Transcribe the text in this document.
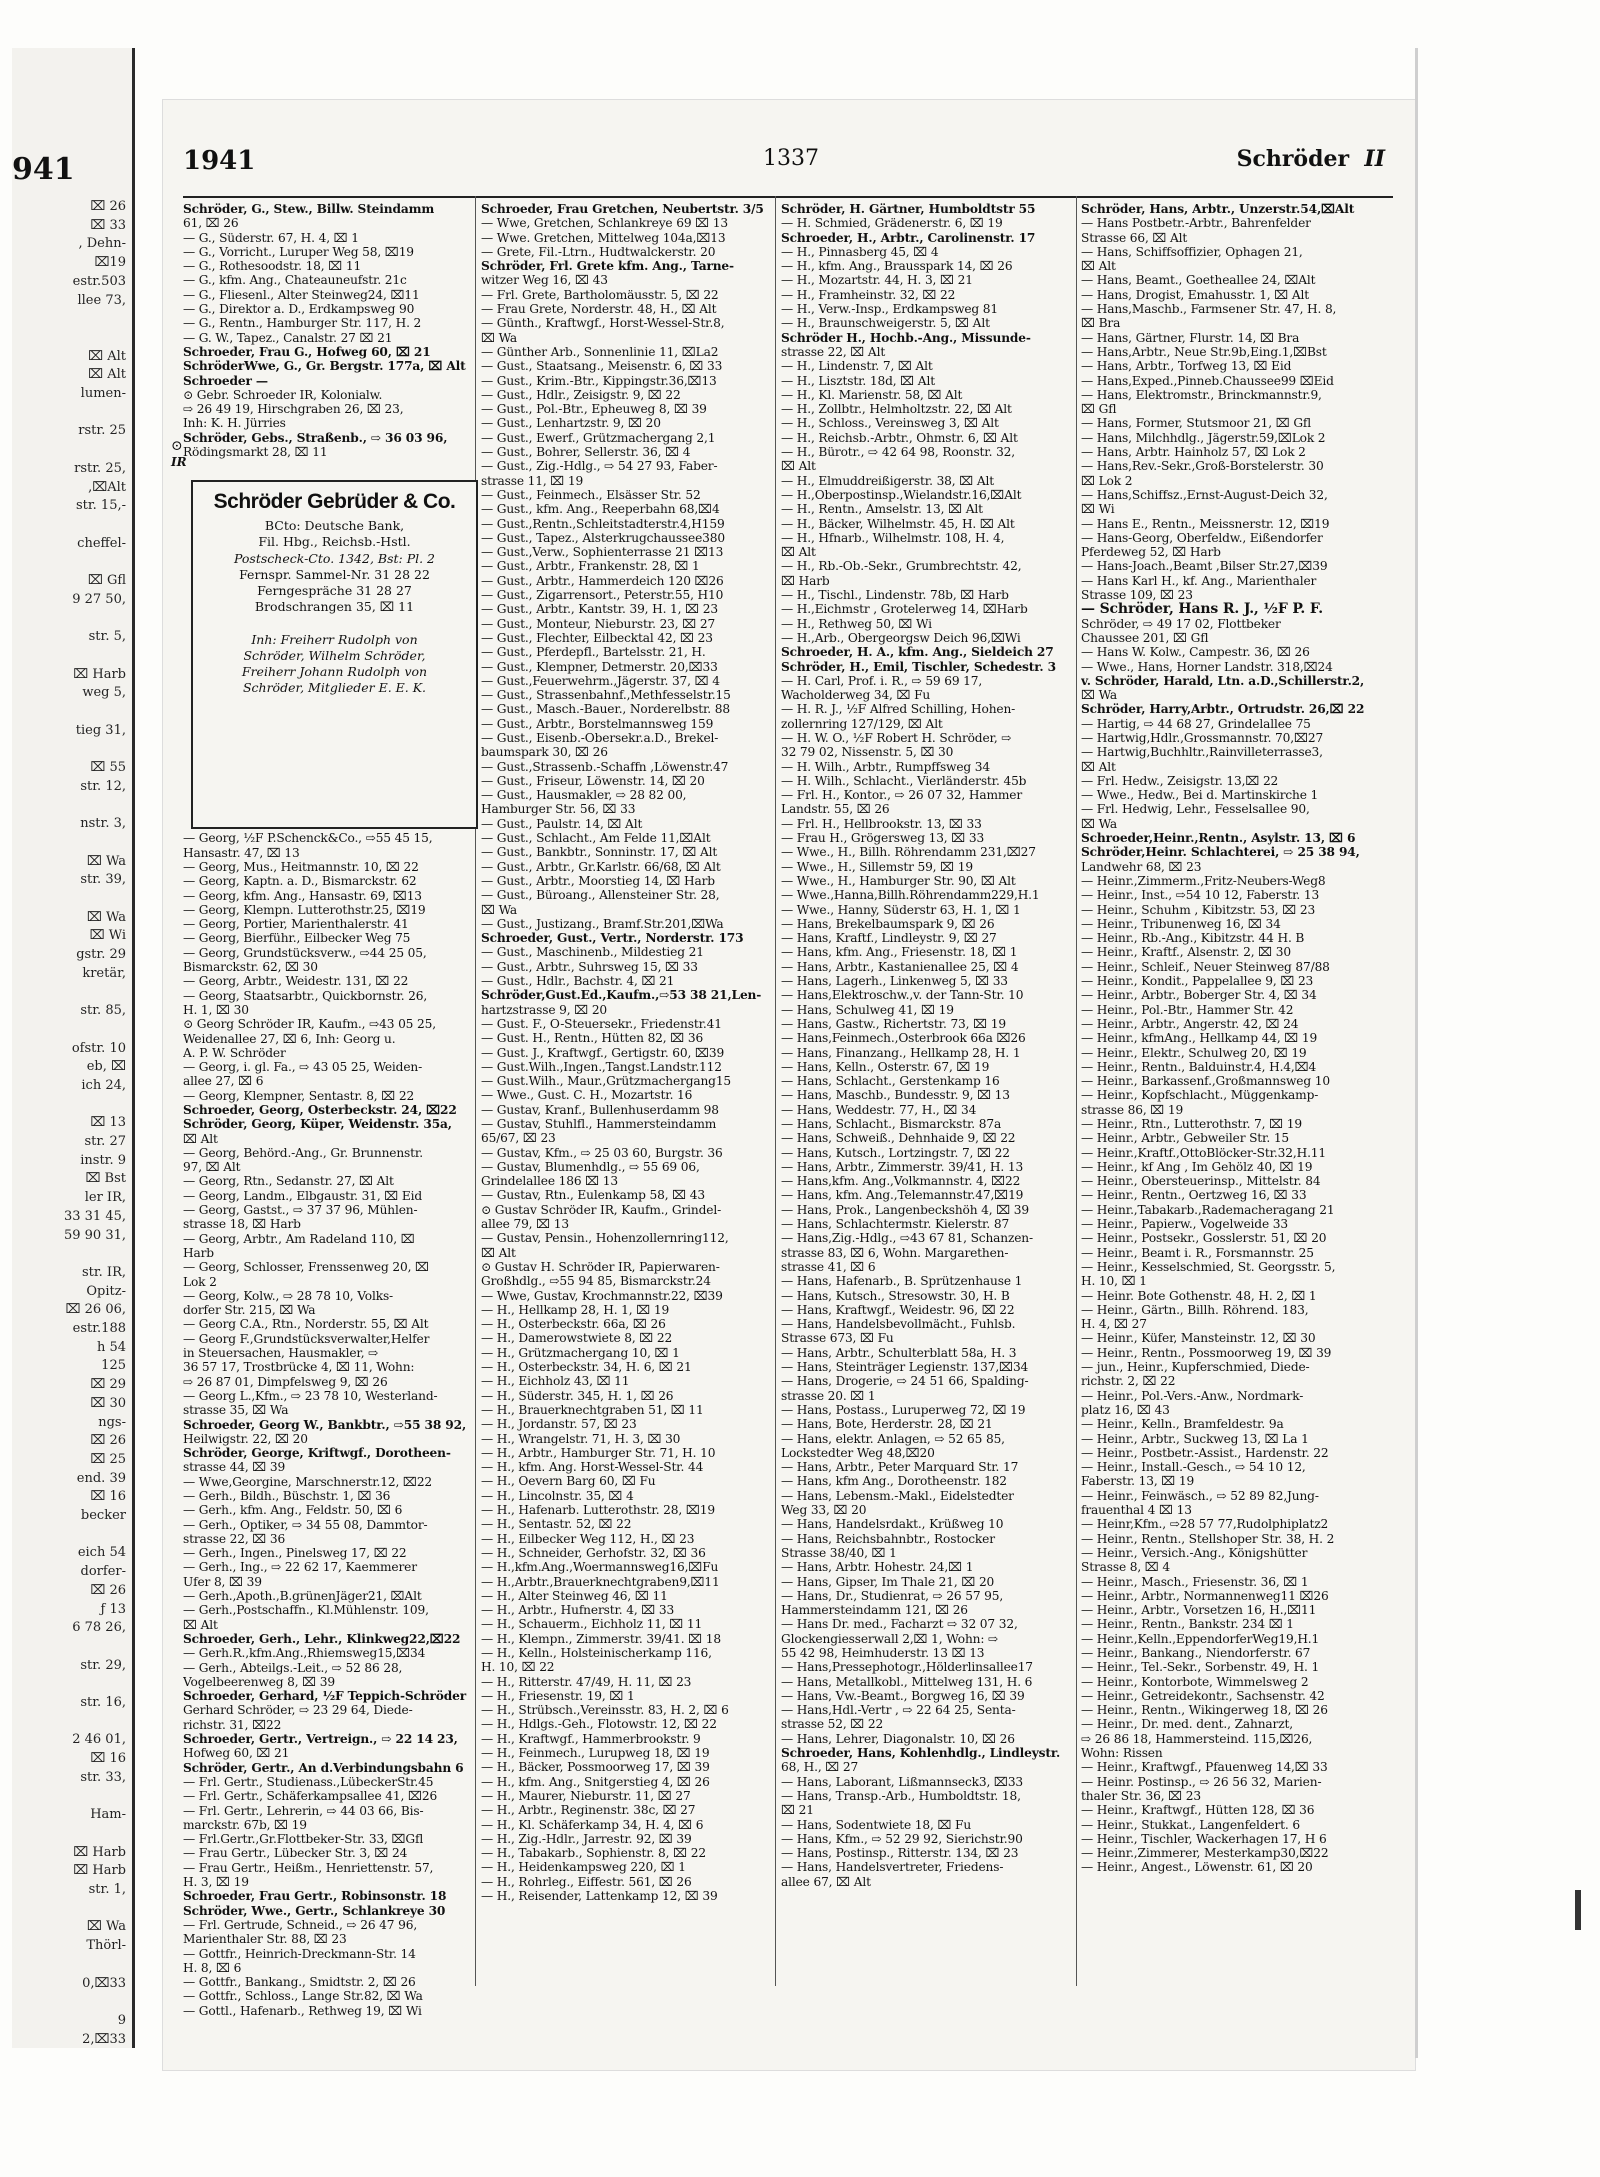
941
⌧ 26
⌧ 33
, Dehn-
⌧19
estr.503
llee 73,
⌧ Alt
⌧ Alt
lumen-
rstr. 25
rstr. 25,
,⌧Alt
str. 15,-
cheffel-
⌧ Gfl
9 27 50,
str. 5,
⌧ Harb
weg 5,
tieg 31,
⌧ 55
str. 12,
nstr. 3,
⌧ Wa
str. 39,
⌧ Wa
⌧ Wi
gstr. 29
kretär,
str. 85,
ofstr. 10
eb, ⌧
ich 24,
⌧ 13
str. 27
instr. 9
⌧ Bst
ler IR,
33 31 45,
59 90 31,
str. IR,
Opitz-
⌧ 26 06,
estr.188
h 54
125
⌧ 29
⌧ 30
ngs-
⌧ 26
⌧ 25
end. 39
⌧ 16
becker
eich 54
dorfer-
⌧ 26
ƒ 13
6 78 26,
str. 29,
str. 16,
2 46 01,
⌧ 16
str. 33,
Ham-
⌧ Harb
⌧ Harb
str. 1,
⌧ Wa
Thörl-
0,⌧33
9
2,⌧33
1941	1337	Schröder II
Schröder, G., Stew., Billw. Steindamm
61, ⌧ 26
— G., Süderstr. 67, H. 4, ⌧ 1
— G., Vorricht., Luruper Weg 58, ⌧19
— G., Rothesoodstr. 18, ⌧ 11
— G., kfm. Ang., Chateauneufstr. 21c
— G., Fliesenl., Alter Steinweg24, ⌧11
— G., Direktor a. D., Erdkampsweg 90
— G., Rentn., Hamburger Str. 117, H. 2
— G. W., Tapez., Canalstr. 27 ⌧ 21
Schroeder, Frau G., Hofweg 60, ⌧ 21
SchröderWwe, G., Gr. Bergstr. 177a, ⌧ Alt
Schroeder —
⊙ Gebr. Schroeder IR, Kolonialw.
⇨ 26 49 19, Hirschgraben 26, ⌧ 23,
Inh: K. H. Jürries
Schröder, Gebs., Straßenb., ⇨ 36 03 96,
Rödingsmarkt 28, ⌧ 11
— Georg, ½F P.Schenck&Co., ⇨55 45 15,
Hansastr. 47, ⌧ 13
— Georg, Mus., Heitmannstr. 10, ⌧ 22
— Georg, Kaptn. a. D., Bismarckstr. 62
— Georg, kfm. Ang., Hansastr. 69, ⌧13
— Georg, Klempn. Lutterothstr.25, ⌧19
— Georg, Portier, Marienthalerstr. 41
— Georg, Bierführ., Eilbecker Weg 75
— Georg, Grundstücksverw., ⇨44 25 05,
Bismarckstr. 62, ⌧ 30
— Georg, Arbtr., Weidestr. 131, ⌧ 22
— Georg, Staatsarbtr., Quickbornstr. 26,
H. 1, ⌧ 30
⊙ Georg Schröder IR, Kaufm., ⇨43 05 25,
Weidenallee 27, ⌧ 6, Inh: Georg u.
A. P. W. Schröder
— Georg, i. gl. Fa., ⇨ 43 05 25, Weiden-
allee 27, ⌧ 6
— Georg, Klempner, Sentastr. 8, ⌧ 22
Schroeder, Georg, Osterbeckstr. 24, ⌧22
Schröder, Georg, Küper, Weidenstr. 35a,
⌧ Alt
— Georg, Behörd.-Ang., Gr. Brunnenstr.
97, ⌧ Alt
— Georg, Rtn., Sedanstr. 27, ⌧ Alt
— Georg, Landm., Elbgaustr. 31, ⌧ Eid
— Georg, Gastst., ⇨ 37 37 96, Mühlen-
strasse 18, ⌧ Harb
— Georg, Arbtr., Am Radeland 110, ⌧
Harb
— Georg, Schlosser, Frenssenweg 20, ⌧
Lok 2
— Georg, Kolw., ⇨ 28 78 10, Volks-
dorfer Str. 215, ⌧ Wa
— Georg C.A., Rtn., Norderstr. 55, ⌧ Alt
— Georg F.,Grundstücksverwalter,Helfer
in Steuersachen, Hausmakler, ⇨
36 57 17, Trostbrücke 4, ⌧ 11, Wohn:
⇨ 26 87 01, Dimpfelsweg 9, ⌧ 26
— Georg L.,Kfm., ⇨ 23 78 10, Westerland-
strasse 35, ⌧ Wa
Schroeder, Georg W., Bankbtr., ⇨55 38 92,
Heilwigstr. 22, ⌧ 20
Schröder, George, Kriftwgf., Dorotheen-
strasse 44, ⌧ 39
— Wwe,Georgine, Marschnerstr.12, ⌧22
— Gerh., Bildh., Büschstr. 1, ⌧ 36
— Gerh., kfm. Ang., Feldstr. 50, ⌧ 6
— Gerh., Optiker, ⇨ 34 55 08, Dammtor-
strasse 22, ⌧ 36
— Gerh., Ingen., Pinelsweg 17, ⌧ 22
— Gerh., Ing., ⇨ 22 62 17, Kaemmerer
Ufer 8, ⌧ 39
— Gerh.,Apoth.,B.grünenJäger21, ⌧Alt
— Gerh.,Postschaffn., Kl.Mühlenstr. 109,
⌧ Alt
Schroeder, Gerh., Lehr., Klinkweg22,⌧22
— Gerh.R.,kfm.Ang.,Rhiemsweg15,⌧34
— Gerh., Abteilgs.-Leit., ⇨ 52 86 28,
Vogelbeerenweg 8, ⌧ 39
Schroeder, Gerhard, ½F Teppich-Schröder
Gerhard Schröder, ⇨ 23 29 64, Diede-
richstr. 31, ⌧22
Schroeder, Gertr., Vertreign., ⇨ 22 14 23,
Hofweg 60, ⌧ 21
Schröder, Gertr., An d.Verbindungsbahn 6
— Frl. Gertr., Studienass.,LübeckerStr.45
— Frl. Gertr., Schäferkampsallee 41, ⌧26
— Frl. Gertr., Lehrerin, ⇨ 44 03 66, Bis-
marckstr. 67b, ⌧ 19
— Frl.Gertr.,Gr.Flottbeker-Str. 33, ⌧Gfl
— Frau Gertr., Lübecker Str. 3, ⌧ 24
— Frau Gertr., Heißm., Henriettenstr. 57,
H. 3, ⌧ 19
Schroeder, Frau Gertr., Robinsonstr. 18
Schröder, Wwe., Gertr., Schlankreye 30
— Frl. Gertrude, Schneid., ⇨ 26 47 96,
Marienthaler Str. 88, ⌧ 23
— Gottfr., Heinrich-Dreckmann-Str. 14
H. 8, ⌧ 6
— Gottfr., Bankang., Smidtstr. 2, ⌧ 26
— Gottfr., Schloss., Lange Str.82, ⌧ Wa
— Gottl., Hafenarb., Rethweg 19, ⌧ Wi
Schroeder, Frau Gretchen, Neubertstr. 3/5
— Wwe, Gretchen, Schlankreye 69 ⌧ 13
— Wwe. Gretchen, Mittelweg 104a,⌧13
— Grete, Fil.-Ltrn., Hudtwalckerstr. 20
Schröder, Frl. Grete kfm. Ang., Tarne-
witzer Weg 16, ⌧ 43
— Frl. Grete, Bartholomäusstr. 5, ⌧ 22
— Frau Grete, Norderstr. 48, H., ⌧ Alt
— Günth., Kraftwgf., Horst-Wessel-Str.8,
⌧ Wa
— Günther Arb., Sonnenlinie 11, ⌧La2
— Gust., Staatsang., Meisenstr. 6, ⌧ 33
— Gust., Krim.-Btr., Kippingstr.36,⌧13
— Gust., Hdlr., Zeisigstr. 9, ⌧ 22
— Gust., Pol.-Btr., Epheuweg 8, ⌧ 39
— Gust., Lenhartzstr. 9, ⌧ 20
— Gust., Ewerf., Grützmachergang 2,1
— Gust., Bohrer, Sellerstr. 36, ⌧ 4
— Gust., Zig.-Hdlg., ⇨ 54 27 93, Faber-
strasse 11, ⌧ 19
— Gust., Feinmech., Elsässer Str. 52
— Gust., kfm. Ang., Reeperbahn 68,⌧4
— Gust.,Rentn.,Schleitstadterstr.4,H159
— Gust., Tapez., Alsterkrugchaussee380
— Gust.,Verw., Sophienterrasse 21 ⌧13
— Gust., Arbtr., Frankenstr. 28, ⌧ 1
— Gust., Arbtr., Hammerdeich 120 ⌧26
— Gust., Zigarrensort., Peterstr.55, H10
— Gust., Arbtr., Kantstr. 39, H. 1, ⌧ 23
— Gust., Monteur, Nieburstr. 23, ⌧ 27
— Gust., Flechter, Eilbecktal 42, ⌧ 23
— Gust., Pferdepfl., Bartelsstr. 21, H.
— Gust., Klempner, Detmerstr. 20,⌧33
— Gust.,Feuerwehrm.,Jägerstr. 37, ⌧ 4
— Gust., Strassenbahnf.,Methfesselstr.15
— Gust., Masch.-Bauer., Norderelbstr. 88
— Gust., Arbtr., Borstelmannsweg 159
— Gust., Eisenb.-Obersekr.a.D., Brekel-
baumspark 30, ⌧ 26
— Gust.,Strassenb.-Schaffn ,Löwenstr.47
— Gust., Friseur, Löwenstr. 14, ⌧ 20
— Gust., Hausmakler, ⇨ 28 82 00,
Hamburger Str. 56, ⌧ 33
— Gust., Paulstr. 14, ⌧ Alt
— Gust., Schlacht., Am Felde 11,⌧Alt
— Gust., Bankbtr., Sonninstr. 17, ⌧ Alt
— Gust., Arbtr., Gr.Karlstr. 66/68, ⌧ Alt
— Gust., Arbtr., Moorstieg 14, ⌧ Harb
— Gust., Büroang., Allensteiner Str. 28,
⌧ Wa
— Gust., Justizang., Bramf.Str.201,⌧Wa
Schroeder, Gust., Vertr., Norderstr. 173
— Gust., Maschinenb., Mildestieg 21
— Gust., Arbtr., Suhrsweg 15, ⌧ 33
— Gust., Hdlr., Bachstr. 4, ⌧ 21
Schröder,Gust.Ed.,Kaufm.,⇨53 38 21,Len-
hartzstrasse 9, ⌧ 20
— Gust. F., O-Steuersekr., Friedenstr.41
— Gust. H., Rentn., Hütten 82, ⌧ 36
— Gust. J., Kraftwgf., Gertigstr. 60, ⌧39
— Gust.Wilh.,Ingen.,Tangst.Landstr.112
— Gust.Wilh., Maur.,Grützmachergang15
— Wwe., Gust. C. H., Mozartstr. 16
— Gustav, Kranf., Bullenhuserdamm 98
— Gustav, Stuhlfl., Hammersteindamm
65/67, ⌧ 23
— Gustav, Kfm., ⇨ 25 03 60, Burgstr. 36
— Gustav, Blumenhdlg., ⇨ 55 69 06,
Grindelallee 186 ⌧ 13
— Gustav, Rtn., Eulenkamp 58, ⌧ 43
⊙ Gustav Schröder IR, Kaufm., Grindel-
allee 79, ⌧ 13
— Gustav, Pensin., Hohenzollernring112,
⌧ Alt
⊙ Gustav H. Schröder IR, Papierwaren-
Großhdlg., ⇨55 94 85, Bismarckstr.24
— Wwe, Gustav, Krochmannstr.22, ⌧39
— H., Hellkamp 28, H. 1, ⌧ 19
— H., Osterbeckstr. 66a, ⌧ 26
— H., Damerowstwiete 8, ⌧ 22
— H., Grützmachergang 10, ⌧ 1
— H., Osterbeckstr. 34, H. 6, ⌧ 21
— H., Eichholz 43, ⌧ 11
— H., Süderstr. 345, H. 1, ⌧ 26
— H., Brauerknechtgraben 51, ⌧ 11
— H., Jordanstr. 57, ⌧ 23
— H., Wrangelstr. 71, H. 3, ⌧ 30
— H., Arbtr., Hamburger Str. 71, H. 10
— H., kfm. Ang. Horst-Wessel-Str. 44
— H., Oevern Barg 60, ⌧ Fu
— H., Lincolnstr. 35, ⌧ 4
— H., Hafenarb. Lutterothstr. 28, ⌧19
— H., Sentastr. 52, ⌧ 22
— H., Eilbecker Weg 112, H., ⌧ 23
— H., Schneider, Gerhofstr. 32, ⌧ 36
— H.,kfm.Ang.,Woermannsweg16,⌧Fu
— H.,Arbtr.,Brauerknechtgraben9,⌧11
— H., Alter Steinweg 46, ⌧ 11
— H., Arbtr., Hufnerstr. 4, ⌧ 33
— H., Schauerm., Eichholz 11, ⌧ 11
— H., Klempn., Zimmerstr. 39/41. ⌧ 18
— H., Kelln., Holsteinischerkamp 116,
H. 10, ⌧ 22
— H., Ritterstr. 47/49, H. 11, ⌧ 23
— H., Friesenstr. 19, ⌧ 1
— H., Strübsch.,Vereinsstr. 83, H. 2, ⌧ 6
— H., Hdlgs.-Geh., Flotowstr. 12, ⌧ 22
— H., Kraftwgf., Hammerbrookstr. 9
— H., Feinmech., Lurupweg 18, ⌧ 19
— H., Bäcker, Possmoorweg 17, ⌧ 39
— H., kfm. Ang., Snitgerstieg 4, ⌧ 26
— H., Maurer, Nieburstr. 11, ⌧ 27
— H., Arbtr., Reginenstr. 38c, ⌧ 27
— H., Kl. Schäferkamp 34, H. 4, ⌧ 6
— H., Zig.-Hdlr., Jarrestr. 92, ⌧ 39
— H., Tabakarb., Sophienstr. 8, ⌧ 22
— H., Heidenkampsweg 220, ⌧ 1
— H., Rohrleg., Eiffestr. 561, ⌧ 26
— H., Reisender, Lattenkamp 12, ⌧ 39
Schröder, H. Gärtner, Humboldtstr 55
— H. Schmied, Grädenerstr. 6, ⌧ 19
Schroeder, H., Arbtr., Carolinenstr. 17
— H., Pinnasberg 45, ⌧ 4
— H., kfm. Ang., Brausspark 14, ⌧ 26
— H., Mozartstr. 44, H. 3, ⌧ 21
— H., Framheinstr. 32, ⌧ 22
— H., Verw.-Insp., Erdkampsweg 81
— H., Braunschweigerstr. 5, ⌧ Alt
Schröder H., Hochb.-Ang., Missunde-
strasse 22, ⌧ Alt
— H., Lindenstr. 7, ⌧ Alt
— H., Lisztstr. 18d, ⌧ Alt
— H., Kl. Marienstr. 58, ⌧ Alt
— H., Zollbtr., Helmholtzstr. 22, ⌧ Alt
— H., Schloss., Vereinsweg 3, ⌧ Alt
— H., Reichsb.-Arbtr., Ohmstr. 6, ⌧ Alt
— H., Bürotr., ⇨ 42 64 98, Roonstr. 32,
⌧ Alt
— H., Elmuddreißigerstr. 38, ⌧ Alt
— H.,Oberpostinsp.,Wielandstr.16,⌧Alt
— H., Rentn., Amselstr. 13, ⌧ Alt
— H., Bäcker, Wilhelmstr. 45, H. ⌧ Alt
— H., Hfnarb., Wilhelmstr. 108, H. 4,
⌧ Alt
— H., Rb.-Ob.-Sekr., Grumbrechtstr. 42,
⌧ Harb
— H., Tischl., Lindenstr. 78b, ⌧ Harb
— H.,Eichmstr , Grotelerweg 14, ⌧Harb
— H., Rethweg 50, ⌧ Wi
— H.,Arb., Obergeorgsw Deich 96,⌧Wi
Schroeder, H. A., kfm. Ang., Sieldeich 27
Schröder, H., Emil, Tischler, Schedestr. 3
— H. Carl, Prof. i. R., ⇨ 59 69 17,
Wacholderweg 34, ⌧ Fu
— H. R. J., ½F Alfred Schilling, Hohen-
zollernring 127/129, ⌧ Alt
— H. W. O., ½F Robert H. Schröder, ⇨
32 79 02, Nissenstr. 5, ⌧ 30
— H. Wilh., Arbtr., Rumpffsweg 34
— H. Wilh., Schlacht., Vierländerstr. 45b
— Frl. H., Kontor., ⇨ 26 07 32, Hammer
Landstr. 55, ⌧ 26
— Frl. H., Hellbrookstr. 13, ⌧ 33
— Frau H., Grögersweg 13, ⌧ 33
— Wwe., H., Billh. Röhrendamm 231,⌧27
— Wwe., H., Sillemstr 59, ⌧ 19
— Wwe., H., Hamburger Str. 90, ⌧ Alt
— Wwe.,Hanna,Billh.Röhrendamm229,H.1
— Wwe., Hanny, Süderstr 63, H. 1, ⌧ 1
— Hans, Brekelbaumspark 9, ⌧ 26
— Hans, Kraftf., Lindleystr. 9, ⌧ 27
— Hans, kfm. Ang., Friesenstr. 18, ⌧ 1
— Hans, Arbtr., Kastanienallee 25, ⌧ 4
— Hans, Lagerh., Linkenweg 5, ⌧ 33
— Hans,Elektroschw.,v. der Tann-Str. 10
— Hans, Schulweg 41, ⌧ 19
— Hans, Gastw., Richertstr. 73, ⌧ 19
— Hans,Feinmech.,Osterbrook 66a ⌧26
— Hans, Finanzang., Hellkamp 28, H. 1
— Hans, Kelln., Osterstr. 67, ⌧ 19
— Hans, Schlacht., Gerstenkamp 16
— Hans, Maschb., Bundesstr. 9, ⌧ 13
— Hans, Weddestr. 77, H., ⌧ 34
— Hans, Schlacht., Bismarckstr. 87a
— Hans, Schweiß., Dehnhaide 9, ⌧ 22
— Hans, Kutsch., Lortzingstr. 7, ⌧ 22
— Hans, Arbtr., Zimmerstr. 39/41, H. 13
— Hans,kfm. Ang.,Volkmannstr. 4, ⌧22
— Hans, kfm. Ang.,Telemannstr.47,⌧19
— Hans, Prok., Langenbeckshöh 4, ⌧ 39
— Hans, Schlachtermstr. Kielerstr. 87
— Hans,Zig.-Hdlg., ⇨43 67 81, Schanzen-
strasse 83, ⌧ 6, Wohn. Margarethen-
strasse 41, ⌧ 6
— Hans, Hafenarb., B. Sprützenhause 1
— Hans, Kutsch., Stresowstr. 30, H. B
— Hans, Kraftwgf., Weidestr. 96, ⌧ 22
— Hans, Handelsbevollmächt., Fuhlsb.
Strasse 673, ⌧ Fu
— Hans, Arbtr., Schulterblatt 58a, H. 3
— Hans, Steinträger Legienstr. 137,⌧34
— Hans, Drogerie, ⇨ 24 51 66, Spalding-
strasse 20. ⌧ 1
— Hans, Postass., Luruperweg 72, ⌧ 19
— Hans, Bote, Herderstr. 28, ⌧ 21
— Hans, elektr. Anlagen, ⇨ 52 65 85,
Lockstedter Weg 48,⌧20
— Hans, Arbtr., Peter Marquard Str. 17
— Hans, kfm Ang., Dorotheenstr. 182
— Hans, Lebensm.-Makl., Eidelstedter
Weg 33, ⌧ 20
— Hans, Handelsrdakt., Krüßweg 10
— Hans, Reichsbahnbtr., Rostocker
Strasse 38/40, ⌧ 1
— Hans, Arbtr. Hohestr. 24,⌧ 1
— Hans, Gipser, Im Thale 21, ⌧ 20
— Hans, Dr., Studienrat, ⇨ 26 57 95,
Hammersteindamm 121, ⌧ 26
— Hans Dr. med., Facharzt ⇨ 32 07 32,
Glockengiesserwall 2,⌧ 1, Wohn: ⇨
55 42 98, Heimhuderstr. 13 ⌧ 13
— Hans,Pressephotogr.,Hölderlinsallee17
— Hans, Metallkobl., Mittelweg 131, H. 6
— Hans, Vw.-Beamt., Borgweg 16, ⌧ 39
— Hans,Hdl.-Vertr , ⇨ 22 64 25, Senta-
strasse 52, ⌧ 22
— Hans, Lehrer, Diagonalstr. 10, ⌧ 26
Schroeder, Hans, Kohlenhdlg., Lindleystr.
68, H., ⌧ 27
— Hans, Laborant, Lißmannseck3, ⌧33
— Hans, Transp.-Arb., Humboldtstr. 18,
⌧ 21
— Hans, Sodentwiete 18, ⌧ Fu
— Hans, Kfm., ⇨ 52 29 92, Sierichstr.90
— Hans, Postinsp., Ritterstr. 134, ⌧ 23
— Hans, Handelsvertreter, Friedens-
allee 67, ⌧ Alt
Schröder, Hans, Arbtr., Unzerstr.54,⌧Alt
— Hans Postbetr.-Arbtr., Bahrenfelder
Strasse 66, ⌧ Alt
— Hans, Schiffsoffizier, Ophagen 21,
⌧ Alt
— Hans, Beamt., Goetheallee 24, ⌧Alt
— Hans, Drogist, Emahusstr. 1, ⌧ Alt
— Hans,Maschb., Farmsener Str. 47, H. 8,
⌧ Bra
— Hans, Gärtner, Flurstr. 14, ⌧ Bra
— Hans,Arbtr., Neue Str.9b,Eing.1,⌧Bst
— Hans, Arbtr., Torfweg 13, ⌧ Eid
— Hans,Exped.,Pinneb.Chaussee99 ⌧Eid
— Hans, Elektromstr., Brinckmannstr.9,
⌧ Gfl
— Hans, Former, Stutsmoor 21, ⌧ Gfl
— Hans, Milchhdlg., Jägerstr.59,⌧Lok 2
— Hans, Arbtr. Hainholz 57, ⌧ Lok 2
— Hans,Rev.-Sekr.,Groß-Borstelerstr. 30
⌧ Lok 2
— Hans,Schiffsz.,Ernst-August-Deich 32,
⌧ Wi
— Hans E., Rentn., Meissnerstr. 12, ⌧19
— Hans-Georg, Oberfeldw., Eißendorfer
Pferdeweg 52, ⌧ Harb
— Hans-Joach.,Beamt ,Bilser Str.27,⌧39
— Hans Karl H., kf. Ang., Marienthaler
Strasse 109, ⌧ 23
— Schröder, Hans R. J., ½F P. F.
Schröder, ⇨ 49 17 02, Flottbeker
Chaussee 201, ⌧ Gfl
— Hans W. Kolw., Campestr. 36, ⌧ 26
— Wwe., Hans, Horner Landstr. 318,⌧24
v. Schröder, Harald, Ltn. a.D.,Schillerstr.2,
⌧ Wa
Schröder, Harry,Arbtr., Ortrudstr. 26,⌧ 22
— Hartig, ⇨ 44 68 27, Grindelallee 75
— Hartwig,Hdlr.,Grossmannstr. 70,⌧27
— Hartwig,Buchhltr.,Rainvilleterrasse3,
⌧ Alt
— Frl. Hedw., Zeisigstr. 13,⌧ 22
— Wwe., Hedw., Bei d. Martinskirche 1
— Frl. Hedwig, Lehr., Fesselsallee 90,
⌧ Wa
Schroeder,Heinr.,Rentn., Asylstr. 13, ⌧ 6
Schröder,Heinr. Schlachterei, ⇨ 25 38 94,
Landwehr 68, ⌧ 23
— Heinr.,Zimmerm.,Fritz-Neubers-Weg8
— Heinr., Inst., ⇨54 10 12, Faberstr. 13
— Heinr., Schuhm , Kibitzstr. 53, ⌧ 23
— Heinr., Tribunenweg 16, ⌧ 34
— Heinr., Rb.-Ang., Kibitzstr. 44 H. B
— Heinr., Kraftf., Alsenstr. 2, ⌧ 30
— Heinr., Schleif., Neuer Steinweg 87/88
— Heinr., Kondit., Pappelallee 9, ⌧ 23
— Heinr., Arbtr., Boberger Str. 4, ⌧ 34
— Heinr., Pol.-Btr., Hammer Str. 42
— Heinr., Arbtr., Angerstr. 42, ⌧ 24
— Heinr., kfmAng., Hellkamp 44, ⌧ 19
— Heinr., Elektr., Schulweg 20, ⌧ 19
— Heinr., Rentn., Balduinstr.4, H.4,⌧4
— Heinr., Barkassenf.,Großmannsweg 10
— Heinr., Kopfschlacht., Müggenkamp-
strasse 86, ⌧ 19
— Heinr., Rtn., Lutterothstr. 7, ⌧ 19
— Heinr., Arbtr., Gebweiler Str. 15
— Heinr.,Kraftf.,OttoBlöcker-Str.32,H.11
— Heinr., kf Ang , Im Gehölz 40, ⌧ 19
— Heinr., Obersteuerinsp., Mittelstr. 84
— Heinr., Rentn., Oertzweg 16, ⌧ 33
— Heinr.,Tabakarb.,Rademacheragang 21
— Heinr., Papierw., Vogelweide 33
— Heinr., Postsekr., Gosslerstr. 51, ⌧ 20
— Heinr., Beamt i. R., Forsmannstr. 25
— Heinr., Kesselschmied, St. Georgsstr. 5,
H. 10, ⌧ 1
— Heinr. Bote Gothenstr. 48, H. 2, ⌧ 1
— Heinr., Gärtn., Billh. Röhrend. 183,
H. 4, ⌧ 27
— Heinr., Küfer, Mansteinstr. 12, ⌧ 30
— Heinr., Rentn., Possmoorweg 19, ⌧ 39
— jun., Heinr., Kupferschmied, Diede-
richstr. 2, ⌧ 22
— Heinr., Pol.-Vers.-Anw., Nordmark-
platz 16, ⌧ 43
— Heinr., Kelln., Bramfeldestr. 9a
— Heinr., Arbtr., Suckweg 13, ⌧ La 1
— Heinr., Postbetr.-Assist., Hardenstr. 22
— Heinr., Install.-Gesch., ⇨ 54 10 12,
Faberstr. 13, ⌧ 19
— Heinr., Feinwäsch., ⇨ 52 89 82,Jung-
frauenthal 4 ⌧ 13
— Heinr,Kfm., ⇨28 57 77,Rudolphiplatz2
— Heinr., Rentn., Stellshoper Str. 38, H. 2
— Heinr., Versich.-Ang., Königshütter
Strasse 8, ⌧ 4
— Heinr., Masch., Friesenstr. 36, ⌧ 1
— Heinr., Arbtr., Normannenweg11 ⌧26
— Heinr., Arbtr., Vorsetzen 16, H.,⌧11
— Heinr., Rentn., Bankstr. 234 ⌧ 1
— Heinr.,Kelln.,EppendorferWeg19,H.1
— Heinr., Bankang., Niendorferstr. 67
— Heinr., Tel.-Sekr., Sorbenstr. 49, H. 1
— Heinr., Kontorbote, Wimmelsweg 2
— Heinr., Getreidekontr., Sachsenstr. 42
— Heinr., Rentn., Wikingerweg 18, ⌧ 26
— Heinr., Dr. med. dent., Zahnarzt,
⇨ 26 86 18, Hammersteind. 115,⌧26,
Wohn: Rissen
— Heinr., Kraftwgf., Pfauenweg 14,⌧ 33
— Heinr. Postinsp., ⇨ 26 56 32, Marien-
thaler Str. 36, ⌧ 23
— Heinr., Kraftwgf., Hütten 128, ⌧ 36
— Heinr., Stukkat., Langenfeldert. 6
— Heinr., Tischler, Wackerhagen 17, H 6
— Heinr.,Zimmerer, Mesterkamp30,⌧22
— Heinr., Angest., Löwenstr. 61, ⌧ 20
⊙
IR
Schröder Gebrüder & Co.
BCto: Deutsche Bank,
Fil. Hbg., Reichsb.-Hstl.
Postscheck-Cto. 1342, Bst: Pl. 2
Fernspr. Sammel-Nr. 31 28 22
Ferngespräche 31 28 27
Brodschrangen 35, ⌧ 11

Inh: Freiherr Rudolph von
Schröder, Wilhelm Schröder,
Freiherr Johann Rudolph von
Schröder, Mitglieder E. E. K.
